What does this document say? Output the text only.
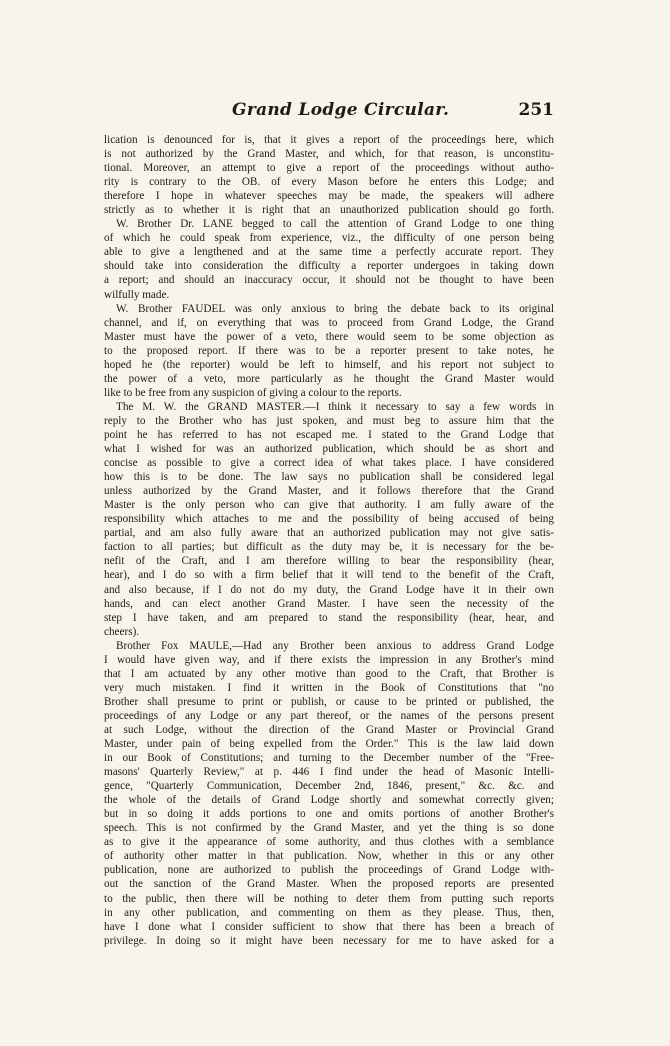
Grand Lodge Circular.	251
lication is denounced for is, that it gives a report of the proceedings here, which
is not authorized by the Grand Master, and which, for that reason, is unconstitu-
tional. Moreover, an attempt to give a report of the proceedings without autho-
rity is contrary to the OB. of every Mason before he enters this Lodge; and
therefore I hope in whatever speeches may be made, the speakers will adhere
strictly as to whether it is right that an unauthorized publication should go forth.
W. Brother Dr. LANE begged to call the attention of Grand Lodge to one thing
of which he could speak from experience, viz., the difficulty of one person being
able to give a lengthened and at the same time a perfectly accurate report. They
should take into consideration the difficulty a reporter undergoes in taking down
a report; and should an inaccuracy occur, it should not be thought to have been
wilfully made.
W. Brother FAUDEL was only anxious to bring the debate back to its original
channel, and if, on everything that was to proceed from Grand Lodge, the Grand
Master must have the power of a veto, there would seem to be some objection as
to the proposed report. If there was to be a reporter present to take notes, he
hoped he (the reporter) would be left to himself, and his report not subject to
the power of a veto, more particularly as he thought the Grand Master would
like to be free from any suspicion of giving a colour to the reports.
The M. W. the GRAND MASTER.—I think it necessary to say a few words in
reply to the Brother who has just spoken, and must beg to assure him that the
point he has referred to has not escaped me. I stated to the Grand Lodge that
what I wished for was an authorized publication, which should be as short and
concise as possible to give a correct idea of what takes place. I have considered
how this is to be done. The law says no publication shall be considered legal
unless authorized by the Grand Master, and it follows therefore that the Grand
Master is the only person who can give that authority. I am fully aware of the
responsibility which attaches to me and the possibility of being accused of being
partial, and am also fully aware that an authorized publication may not give satis-
faction to all parties; but difficult as the duty may be, it is necessary for the be-
nefit of the Craft, and I am therefore willing to bear the responsibility (hear,
hear), and I do so with a firm belief that it will tend to the benefit of the Craft,
and also because, if I do not do my duty, the Grand Lodge have it in their own
hands, and can elect another Grand Master. I have seen the necessity of the
step I have taken, and am prepared to stand the responsibility (hear, hear, and
cheers).
Brother Fox MAULE,—Had any Brother been anxious to address Grand Lodge
I would have given way, and if there exists the impression in any Brother's mind
that I am actuated by any other motive than good to the Craft, that Brother is
very much mistaken. I find it written in the Book of Constitutions that "no
Brother shall presume to print or publish, or cause to be printed or published, the
proceedings of any Lodge or any part thereof, or the names of the persons present
at such Lodge, without the direction of the Grand Master or Provincial Grand
Master, under pain of being expelled from the Order." This is the law laid down
in our Book of Constitutions; and turning to the December number of the "Free-
masons' Quarterly Review," at p. 446 I find under the head of Masonic Intelli-
gence, "Quarterly Communication, December 2nd, 1846, present," &c. &c. and
the whole of the details of Grand Lodge shortly and somewhat correctly given;
but in so doing it adds portions to one and omits portions of another Brother's
speech. This is not confirmed by the Grand Master, and yet the thing is so done
as to give it the appearance of some authority, and thus clothes with a semblance
of authority other matter in that publication. Now, whether in this or any other
publication, none are authorized to publish the proceedings of Grand Lodge with-
out the sanction of the Grand Master. When the proposed reports are presented
to the public, then there will be nothing to deter them from putting such reports
in any other publication, and commenting on them as they please. Thus, then,
have I done what I consider sufficient to show that there has been a breach of
privilege. In doing so it might have been necessary for me to have asked for a
